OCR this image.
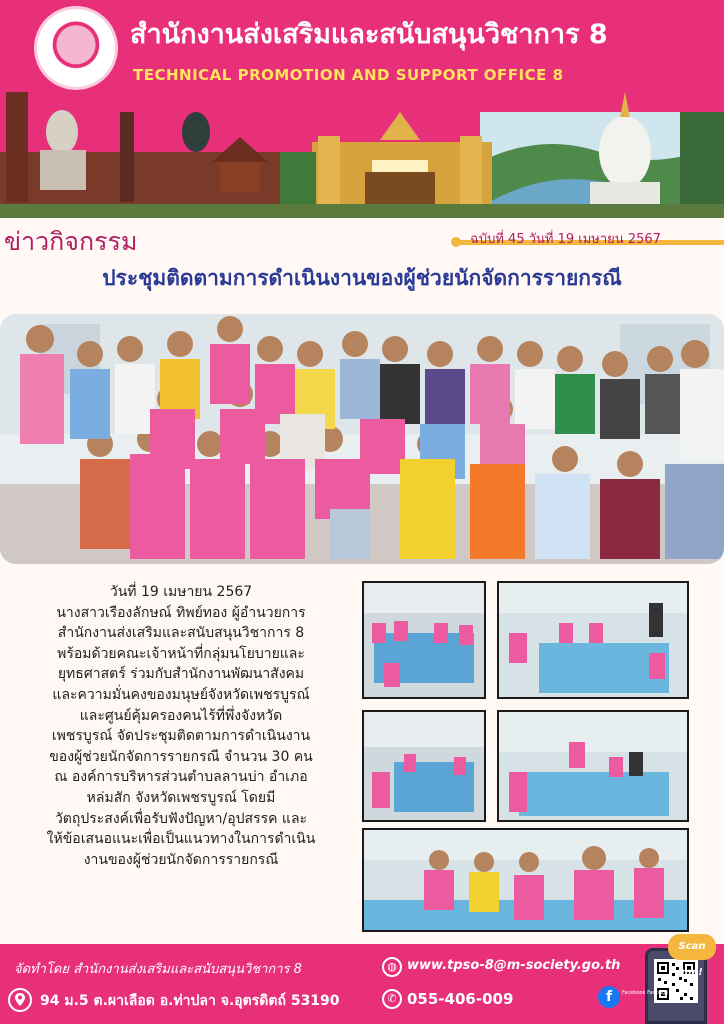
สำนักงานส่งเสริมและสนับสนุนวิชาการ 8
TECHNICAL PROMOTION AND SUPPORT OFFICE 8
ข่าวกิจกรรม	ฉบับที่ 45 วันที่ 19 เมษายน 2567
ประชุมติดตามการดำเนินงานของผู้ช่วยนักจัดการรายกรณี
วันที่ 19 เมษายน 2567
นางสาวเรืองลักษณ์ ทิพย์ทอง ผู้อำนวยการ
สำนักงานส่งเสริมและสนับสนุนวิชาการ 8
พร้อมด้วยคณะเจ้าหน้าที่กลุ่มนโยบายและ
ยุทธศาสตร์ ร่วมกับสำนักงานพัฒนาสังคม
และความมั่นคงของมนุษย์จังหวัดเพชรบูรณ์
และศูนย์คุ้มครองคนไร้ที่พึ่งจังหวัด
เพชรบูรณ์ จัดประชุมติดตามการดำเนินงาน
ของผู้ช่วยนักจัดการรายกรณี จำนวน 30 คน
ณ องค์การบริหารส่วนตำบลลานบ่า อำเภอ
หล่มสัก จังหวัดเพชรบูรณ์ โดยมี
วัตถุประสงค์เพื่อรับฟังปัญหา/อุปสรรค และ
ให้ข้อเสนอแนะเพื่อเป็นแนวทางในการดำเนิน
งานของผู้ช่วยนักจัดการรายกรณี
จัดทำโดย สำนักงานส่งเสริมและสนับสนุนวิชาการ 8	◍ www.tpso-8@m-society.go.th
94 ม.5 ต.ผาเลือด อ.ท่าปลา จ.อุตรดิตถ์ 53190	✆ 055-406-009
Scan me!
f	Facebook Fanpage
